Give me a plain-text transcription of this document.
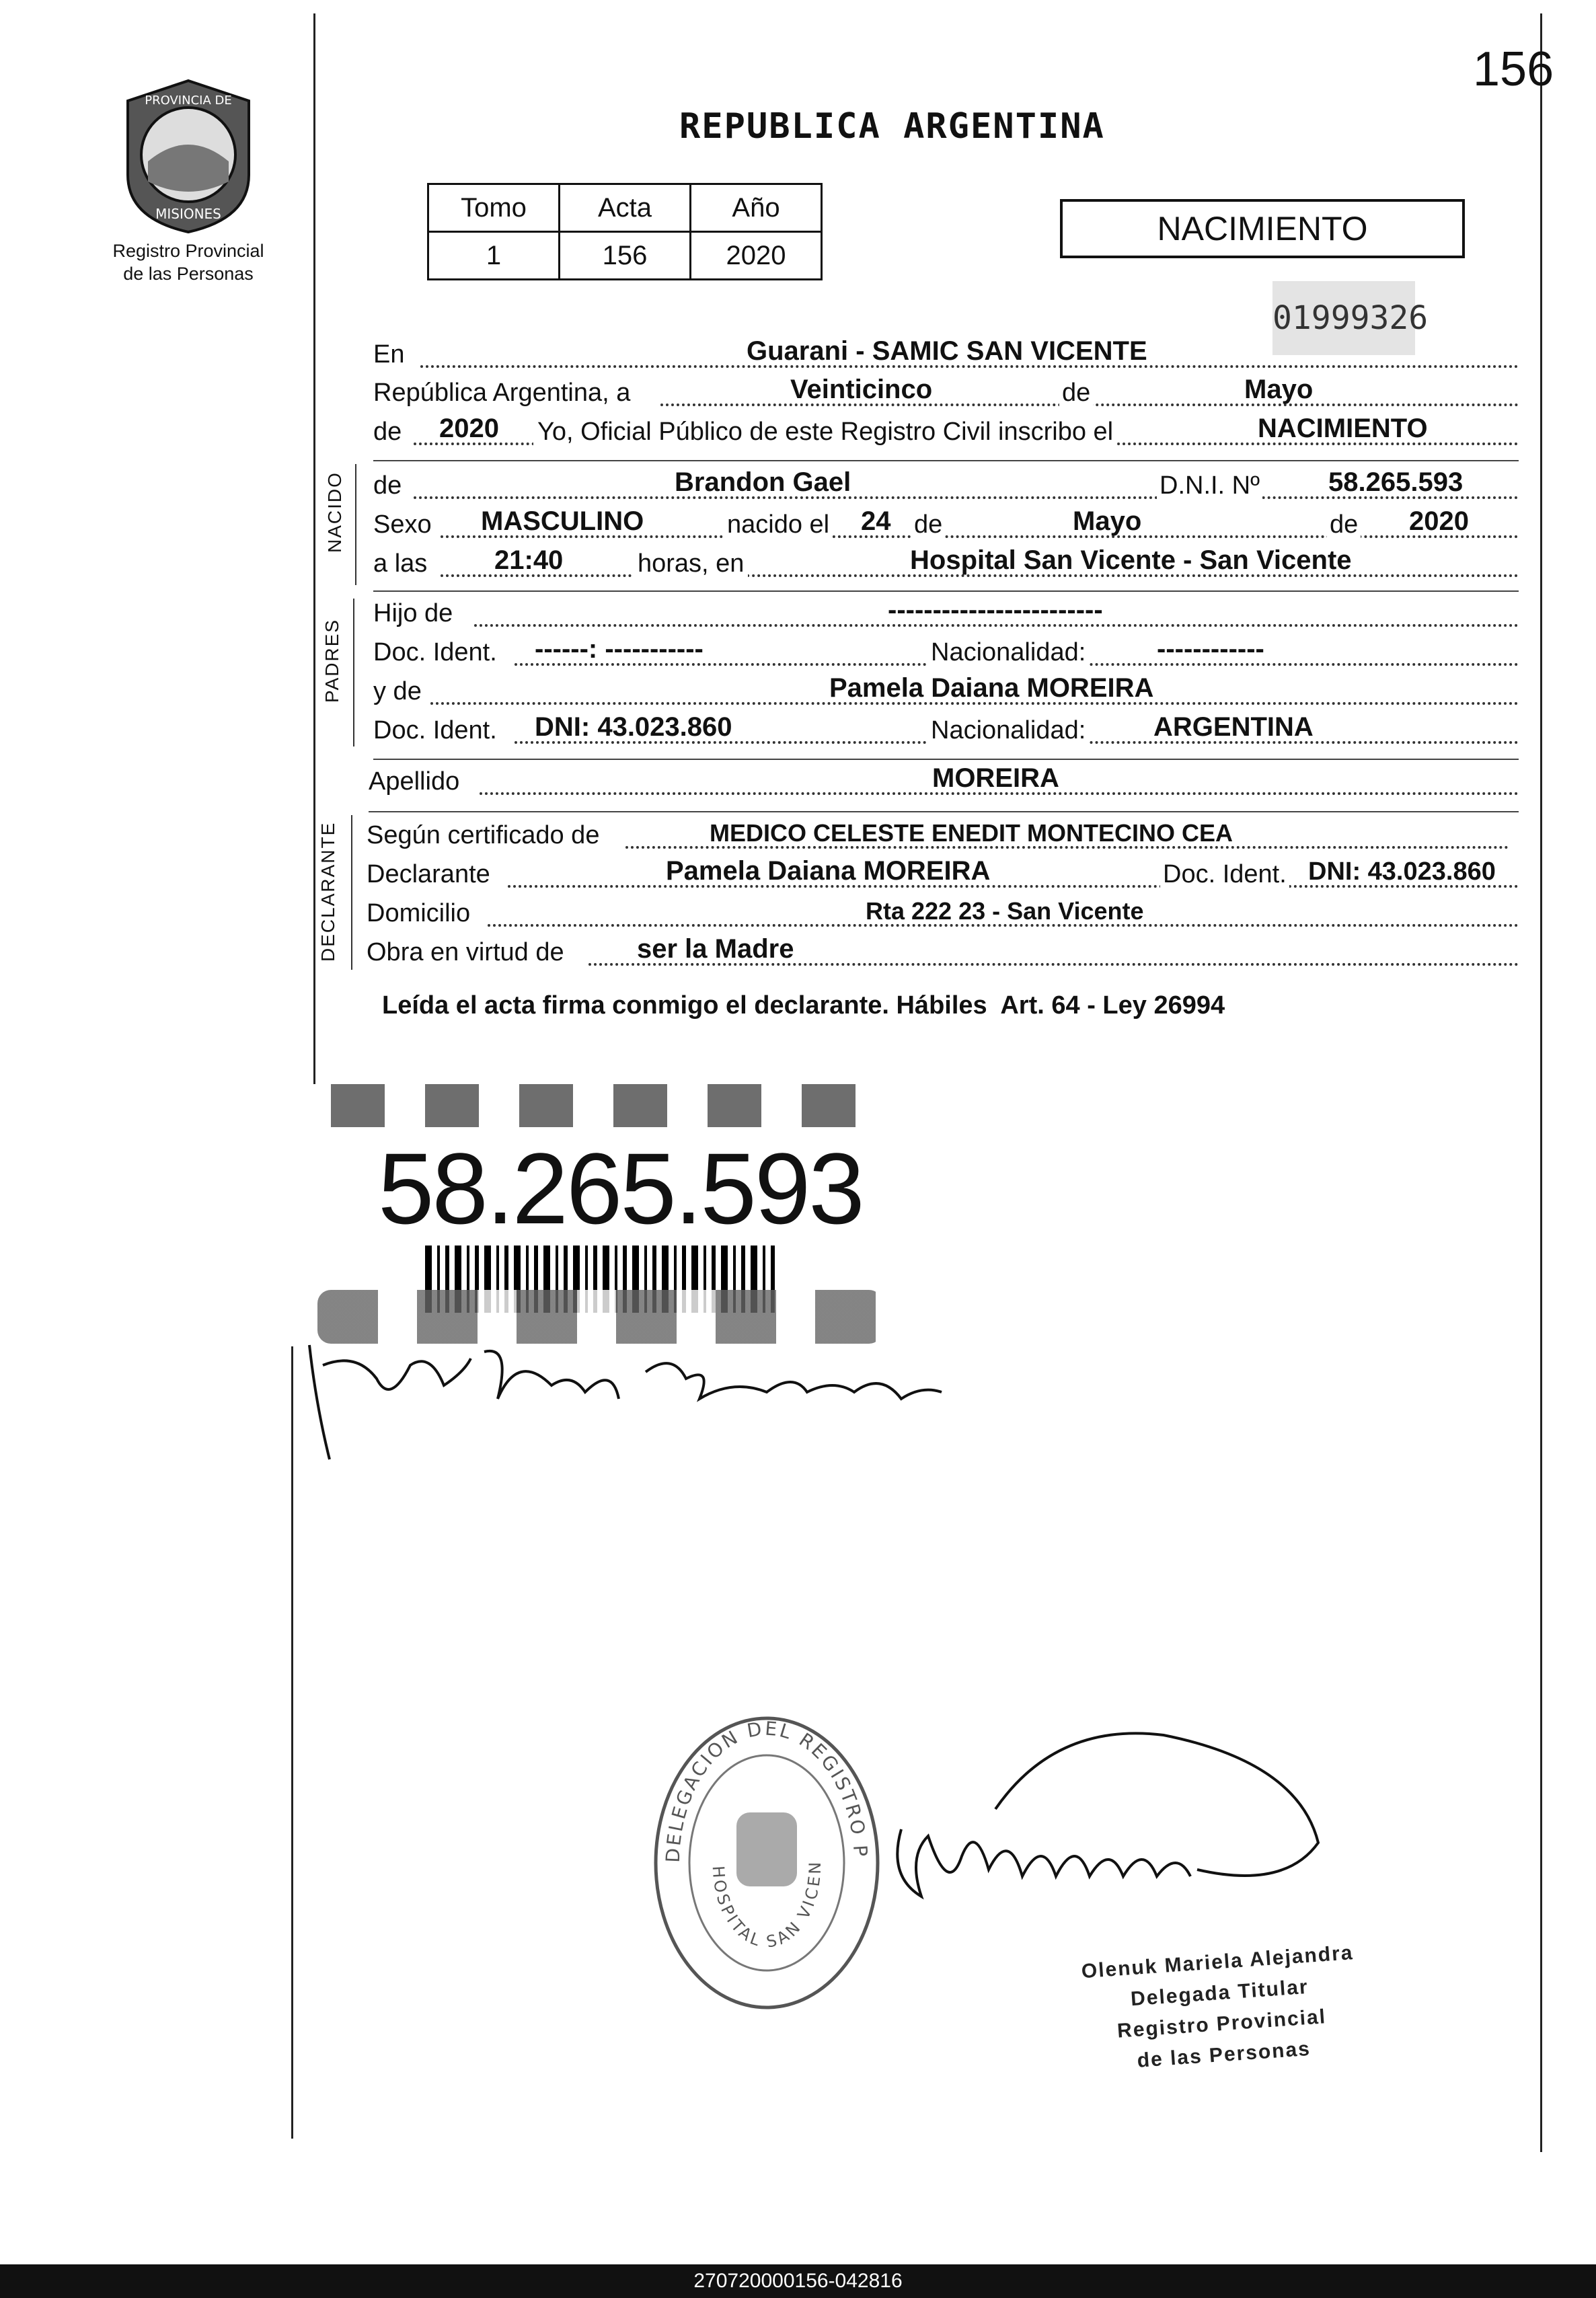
156
PROVINCIA DE
MISIONES
Registro Provincial
de las Personas
REPUBLICA ARGENTINA
Tomo	Acta	Año
1	156	2020
NACIMIENTO
01999326
En	Guarani - SAMIC SAN VICENTE
República Argentina, a	Veinticinco	de	Mayo
de 2020 Yo, Oficial Público de este Registro Civil inscribo el	NACIMIENTO
NACIDO de	Brandon Gael	D.N.I. Nº	58.265.593
Sexo MASCULINO	nacido el 24 de	Mayo	de 2020
a las 21:40	horas, en	Hospital San Vicente - San Vicente
PADRES
Hijo de	------------------------
Doc. Ident. ------: -----------	Nacionalidad:	------------
y de	Pamela Daiana MOREIRA
Doc. Ident. DNI: 43.023.860	Nacionalidad:	ARGENTINA
Apellido	MOREIRA
DECLARANTE Según certificado de	MEDICO CELESTE ENEDIT MONTECINO CEA
Declarante	Pamela Daiana MOREIRA	Doc. Ident. DNI: 43.023.860
Domicilio	Rta 222 23 - San Vicente
Obra en virtud de	ser la Madre
Leída el acta firma conmigo el declarante. Hábiles  Art. 64 - Ley 26994
58.265.593
DELEGACION DEL REGISTRO P
HOSPITAL SAN VICEN
Olenuk Mariela Alejandra
Delegada Titular
Registro Provincial
de las Personas
270720000156-042816
